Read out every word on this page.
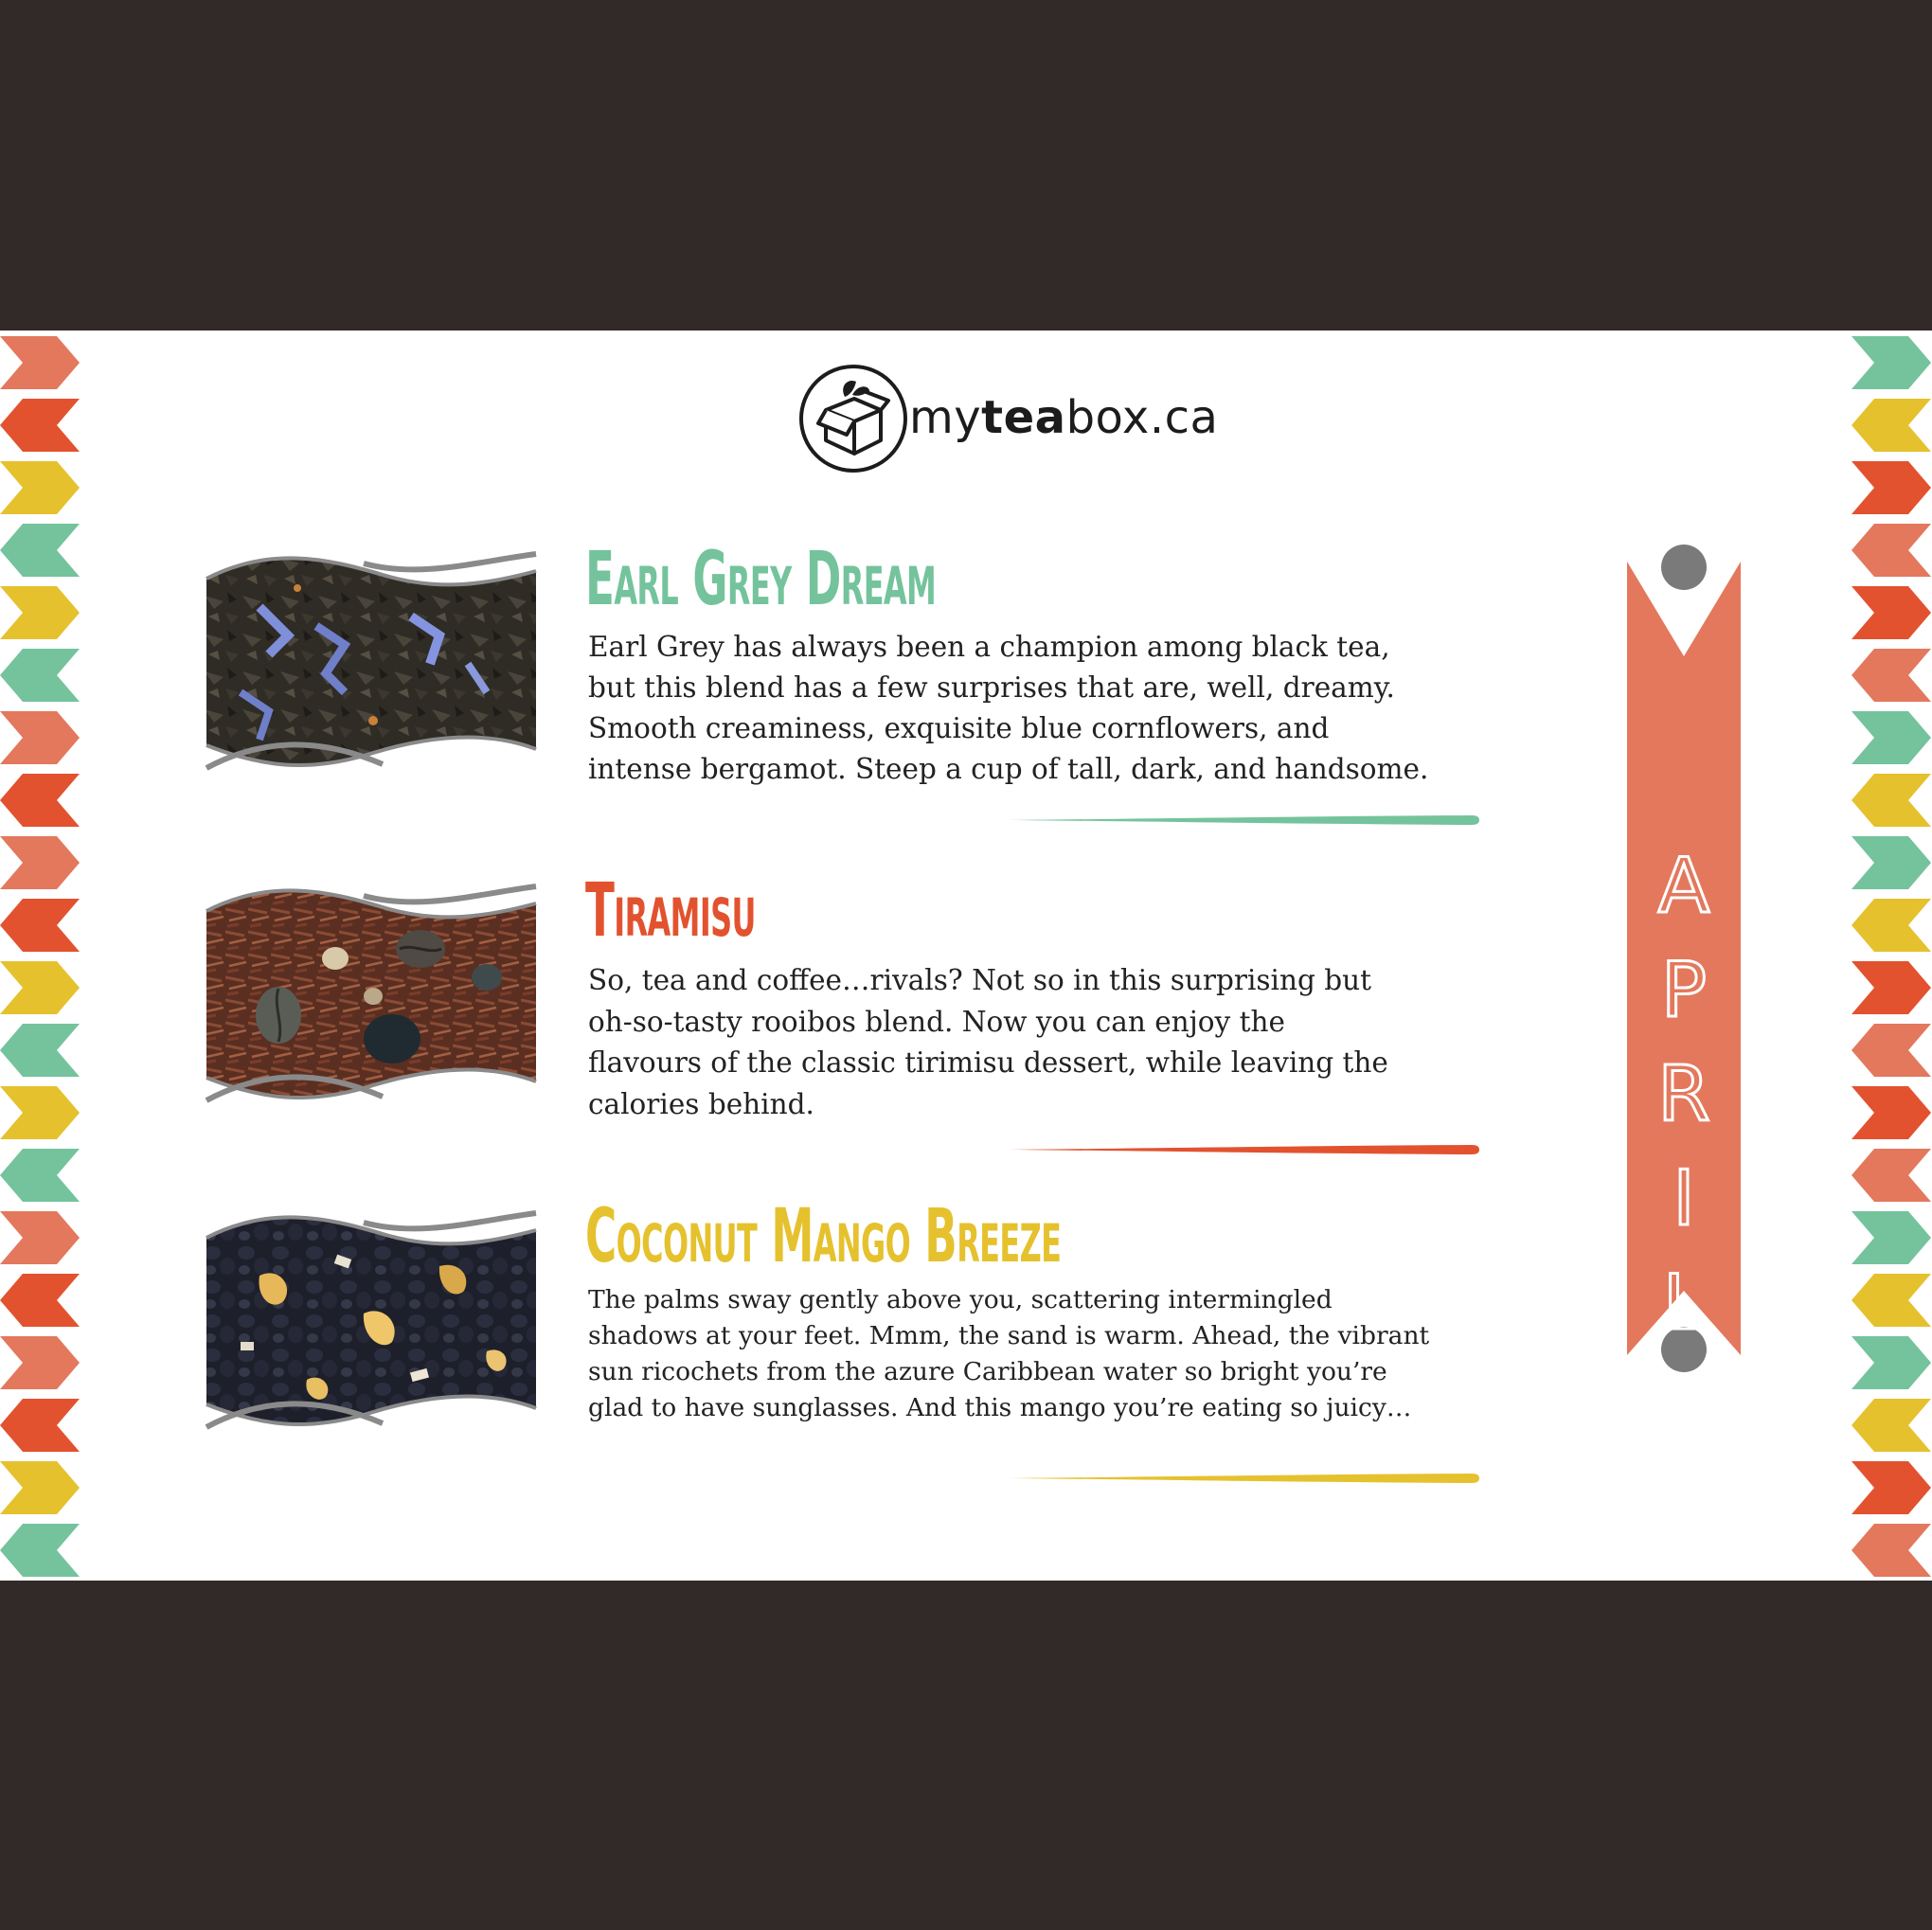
myteabox.ca
Earl Grey Dream

Earl Grey has always been a champion among black tea,
but this blend has a few surprises that are, well, dreamy.
Smooth creaminess, exquisite blue cornflowers, and
intense bergamot. Steep a cup of tall, dark, and handsome.

Tiramisu

So, tea and coffee…rivals? Not so in this surprising but
oh-so-tasty rooibos blend. Now you can enjoy the
flavours of the classic tirimisu dessert, while leaving the
calories behind.

Coconut Mango Breeze

The palms sway gently above you, scattering intermingled
shadows at your feet. Mmm, the sand is warm. Ahead, the vibrant
sun ricochets from the azure Caribbean water so bright you’re
glad to have sunglasses. And this mango you’re eating so juicy…

A P R I L
